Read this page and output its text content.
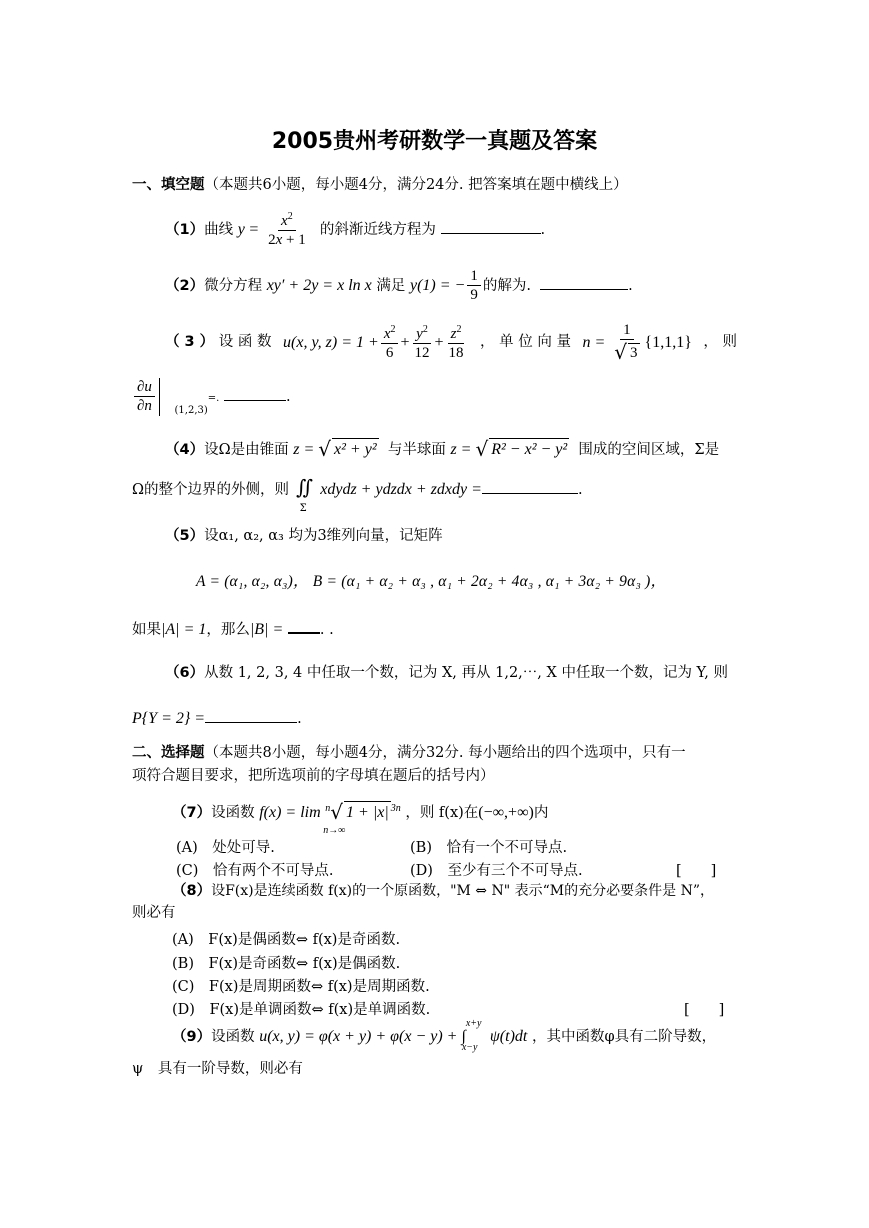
2005贵州考研数学一真题及答案
一、填空题（本题共6小题，每小题4分，满分24分. 把答案填在题中横线上）
（1）曲线 $y = \frac{x^2}{2x + 1}$ 的斜渐近线方程为	.
（2）微分方程 xy′ + 2y = x ln x 满足 y(1) = − $\frac{1}{9}$ 的解为.	.
（ 3 ） 设 函 数 u(x, y, $z) = 1 + \frac{x^2}{6} + \frac{y^2}{12} + \frac{z^2}{18}$ ， 单 位 向 量 $n = \frac{1}{√ 3} \{1,1,1\}$ ， 则
$\frac{\partial u}{\partial n} _{(1,2,3)}=$.	.
（4）设Ω是由锥面 z = √ x² + y² 与半球面 z = √ R² − x² − y² 围成的空间区域，Σ是
Ω的整个边界的外侧，则 ∬
Σ
xdydz + ydzdx + zdxdy =	.
（5）设α₁, α₂, α₃ 均为3维列向量，记矩阵
A = (α₁, α₂, α₃)， B = (α₁ + α₂ + α₃ , α₁ + 2α₂ + 4α₃ , α₁ + 3α₂ + 9α₃ )，
如果|A| = 1，那么|B| =	. .
（6）从数 1, 2, 3, 4 中任取一个数，记为 X, 再从 1,2,⋯, X 中任取一个数，记为 Y, 则
P{Y = 2} =	.
二、选择题（本题共8小题，每小题4分，满分32分. 每小题给出的四个选项中，只有一
项符合题目要求，把所选项前的字母填在题后的括号内）
（7）设函数 f(x) = lim
n→∞
$^n$√ 1 + |x| $^{3n}$ ，则 f(x)在(−∞,+∞)内
(A)　处处可导.	(B)　恰有一个不可导点.
(C)　恰有两个不可导点.	(D)　至少有三个不可导点.	[　　]
（8）设F(x)是连续函数 f(x)的一个原函数，"M ⇔ N" 表示“M的充分必要条件是 N”，
则必有
(A)　F(x)是偶函数⇔ f(x)是奇函数.
(B)　F(x)是奇函数⇔ f(x)是偶函数.
(C)　F(x)是周期函数⇔ f(x)是周期函数.
(D)　F(x)是单调函数⇔ f(x)是单调函数.	[　　]
（9）设函数 u(x, y) = φ(x + y) + φ(x − y) + ∫
x+y
x−y
ψ(t)dt ，其中函数φ具有二阶导数，
ψ　具有一阶导数，则必有
